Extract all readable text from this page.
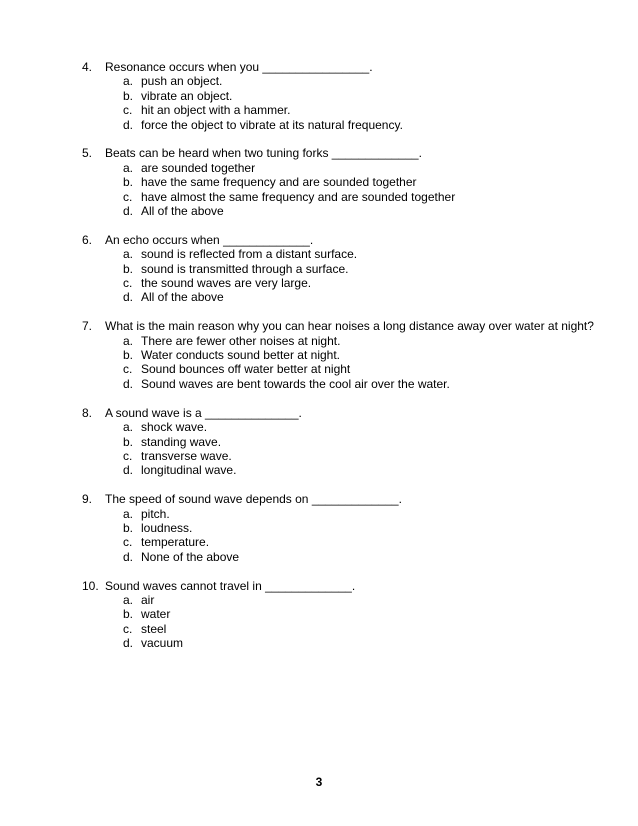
4.	Resonance occurs when you ________________.
a. push an object.
b. vibrate an object.
c. hit an object with a hammer.
d. force the object to vibrate at its natural frequency.
5.	Beats can be heard when two tuning forks _____________.
a. are sounded together
b. have the same frequency and are sounded together
c. have almost the same frequency and are sounded together
d. All of the above
6.	An echo occurs when _____________.
a. sound is reflected from a distant surface.
b. sound is transmitted through a surface.
c. the sound waves are very large.
d. All of the above
7.	What is the main reason why you can hear noises a long distance away over water at night?
a. There are fewer other noises at night.
b. Water conducts sound better at night.
c. Sound bounces off water better at night
d. Sound waves are bent towards the cool air over the water.
8.	A sound wave is a ______________.
a. shock wave.
b. standing wave.
c. transverse wave.
d. longitudinal wave.
9.	The speed of sound wave depends on _____________.
a. pitch.
b. loudness.
c. temperature.
d. None of the above
10. Sound waves cannot travel in _____________.
a. air
b. water
c. steel
d. vacuum
3
